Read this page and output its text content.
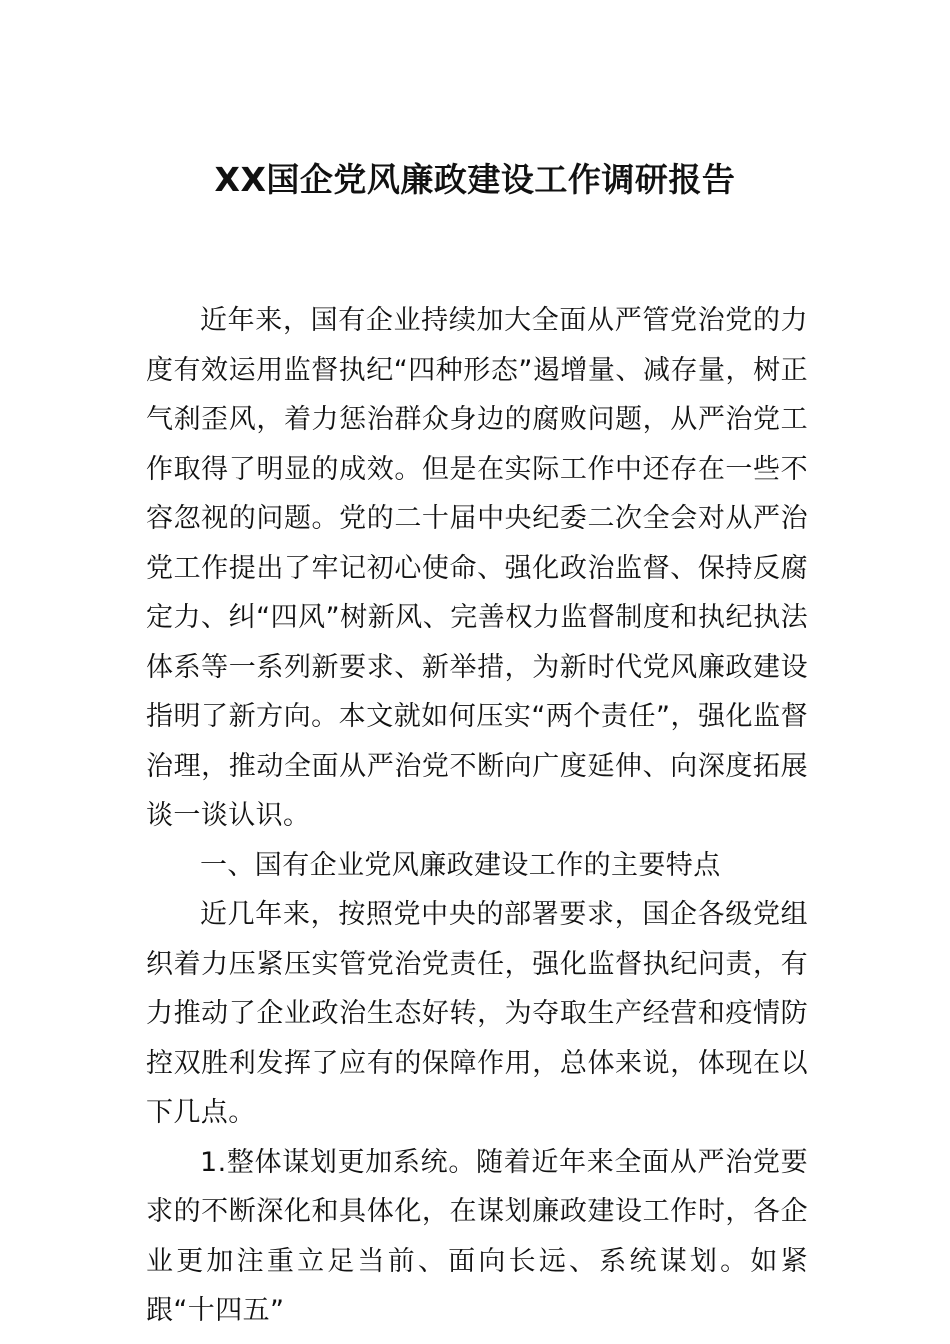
XX国企党风廉政建设工作调研报告

近年来，国有企业持续加大全面从严管党治党的力度有效运用监督执纪“四种形态”遏增量、减存量，树正气刹歪风，着力惩治群众身边的腐败问题，从严治党工作取得了明显的成效。但是在实际工作中还存在一些不容忽视的问题。党的二十届中央纪委二次全会对从严治党工作提出了牢记初心使命、强化政治监督、保持反腐定力、纠“四风”树新风、完善权力监督制度和执纪执法体系等一系列新要求、新举措，为新时代党风廉政建设指明了新方向。本文就如何压实“两个责任”，强化监督治理，推动全面从严治党不断向广度延伸、向深度拓展谈一谈认识。

一、国有企业党风廉政建设工作的主要特点

近几年来，按照党中央的部署要求，国企各级党组织着力压紧压实管党治党责任，强化监督执纪问责，有力推动了企业政治生态好转，为夺取生产经营和疫情防控双胜利发挥了应有的保障作用，总体来说，体现在以下几点。

1.整体谋划更加系统。随着近年来全面从严治党要求的不断深化和具体化，在谋划廉政建设工作时，各企业更加注重立足当前、面向长远、系统谋划。如紧跟“十四五”
